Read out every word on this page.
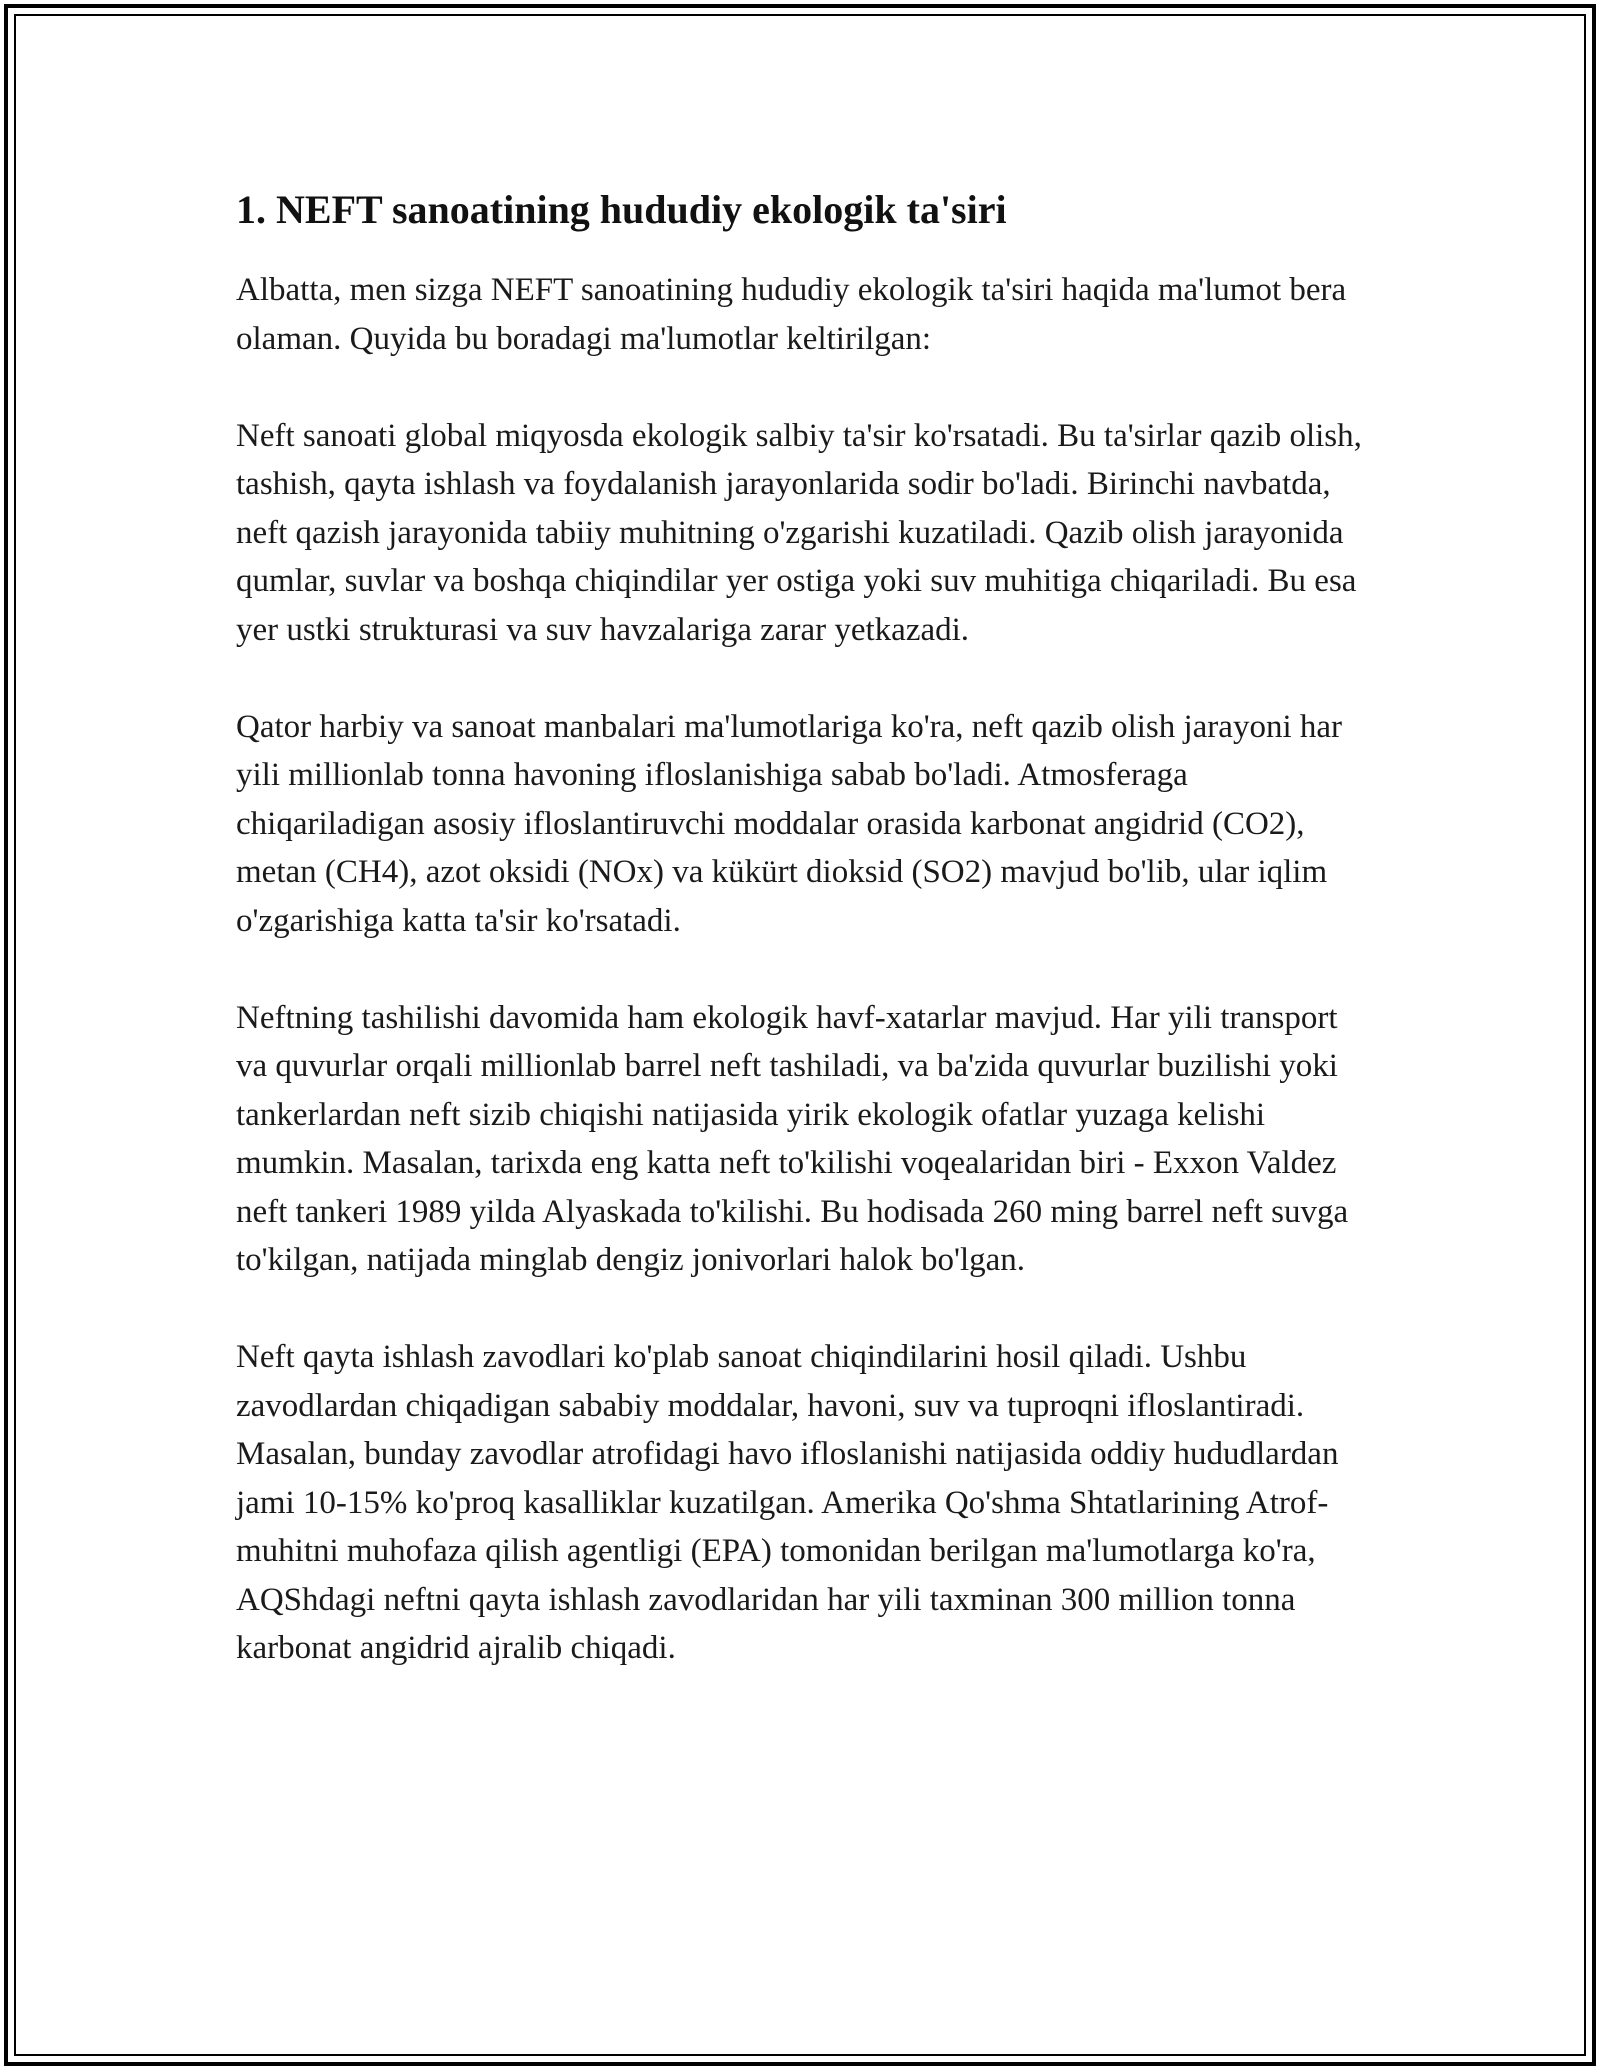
1. NEFT sanoatining hududiy ekologik ta'siri

Albatta, men sizga NEFT sanoatining hududiy ekologik ta'siri haqida ma'lumot bera olaman. Quyida bu boradagi ma'lumotlar keltirilgan:

Neft sanoati global miqyosda ekologik salbiy ta'sir ko'rsatadi. Bu ta'sirlar qazib olish, tashish, qayta ishlash va foydalanish jarayonlarida sodir bo'ladi. Birinchi navbatda, neft qazish jarayonida tabiiy muhitning o'zgarishi kuzatiladi. Qazib olish jarayonida qumlar, suvlar va boshqa chiqindilar yer ostiga yoki suv muhitiga chiqariladi. Bu esa yer ustki strukturasi va suv havzalariga zarar yetkazadi.

Qator harbiy va sanoat manbalari ma'lumotlariga ko'ra, neft qazib olish jarayoni har yili millionlab tonna havoning ifloslanishiga sabab bo'ladi. Atmosferaga chiqariladigan asosiy ifloslantiruvchi moddalar orasida karbonat angidrid (CO2), metan (CH4), azot oksidi (NOx) va kükürt dioksid (SO2) mavjud bo'lib, ular iqlim o'zgarishiga katta ta'sir ko'rsatadi.

Neftning tashilishi davomida ham ekologik havf-xatarlar mavjud. Har yili transport va quvurlar orqali millionlab barrel neft tashiladi, va ba'zida quvurlar buzilishi yoki tankerlardan neft sizib chiqishi natijasida yirik ekologik ofatlar yuzaga kelishi mumkin. Masalan, tarixda eng katta neft to'kilishi voqealaridan biri - Exxon Valdez neft tankeri 1989 yilda Alyaskada to'kilishi. Bu hodisada 260 ming barrel neft suvga to'kilgan, natijada minglab dengiz jonivorlari halok bo'lgan.

Neft qayta ishlash zavodlari ko'plab sanoat chiqindilarini hosil qiladi. Ushbu zavodlardan chiqadigan sababiy moddalar, havoni, suv va tuproqni ifloslantiradi. Masalan, bunday zavodlar atrofidagi havo ifloslanishi natijasida oddiy hududlardan jami 10-15% ko'proq kasalliklar kuzatilgan. Amerika Qo'shma Shtatlarining Atrof-muhitni muhofaza qilish agentligi (EPA) tomonidan berilgan ma'lumotlarga ko'ra, AQShdagi neftni qayta ishlash zavodlaridan har yili taxminan 300 million tonna karbonat angidrid ajralib chiqadi.
